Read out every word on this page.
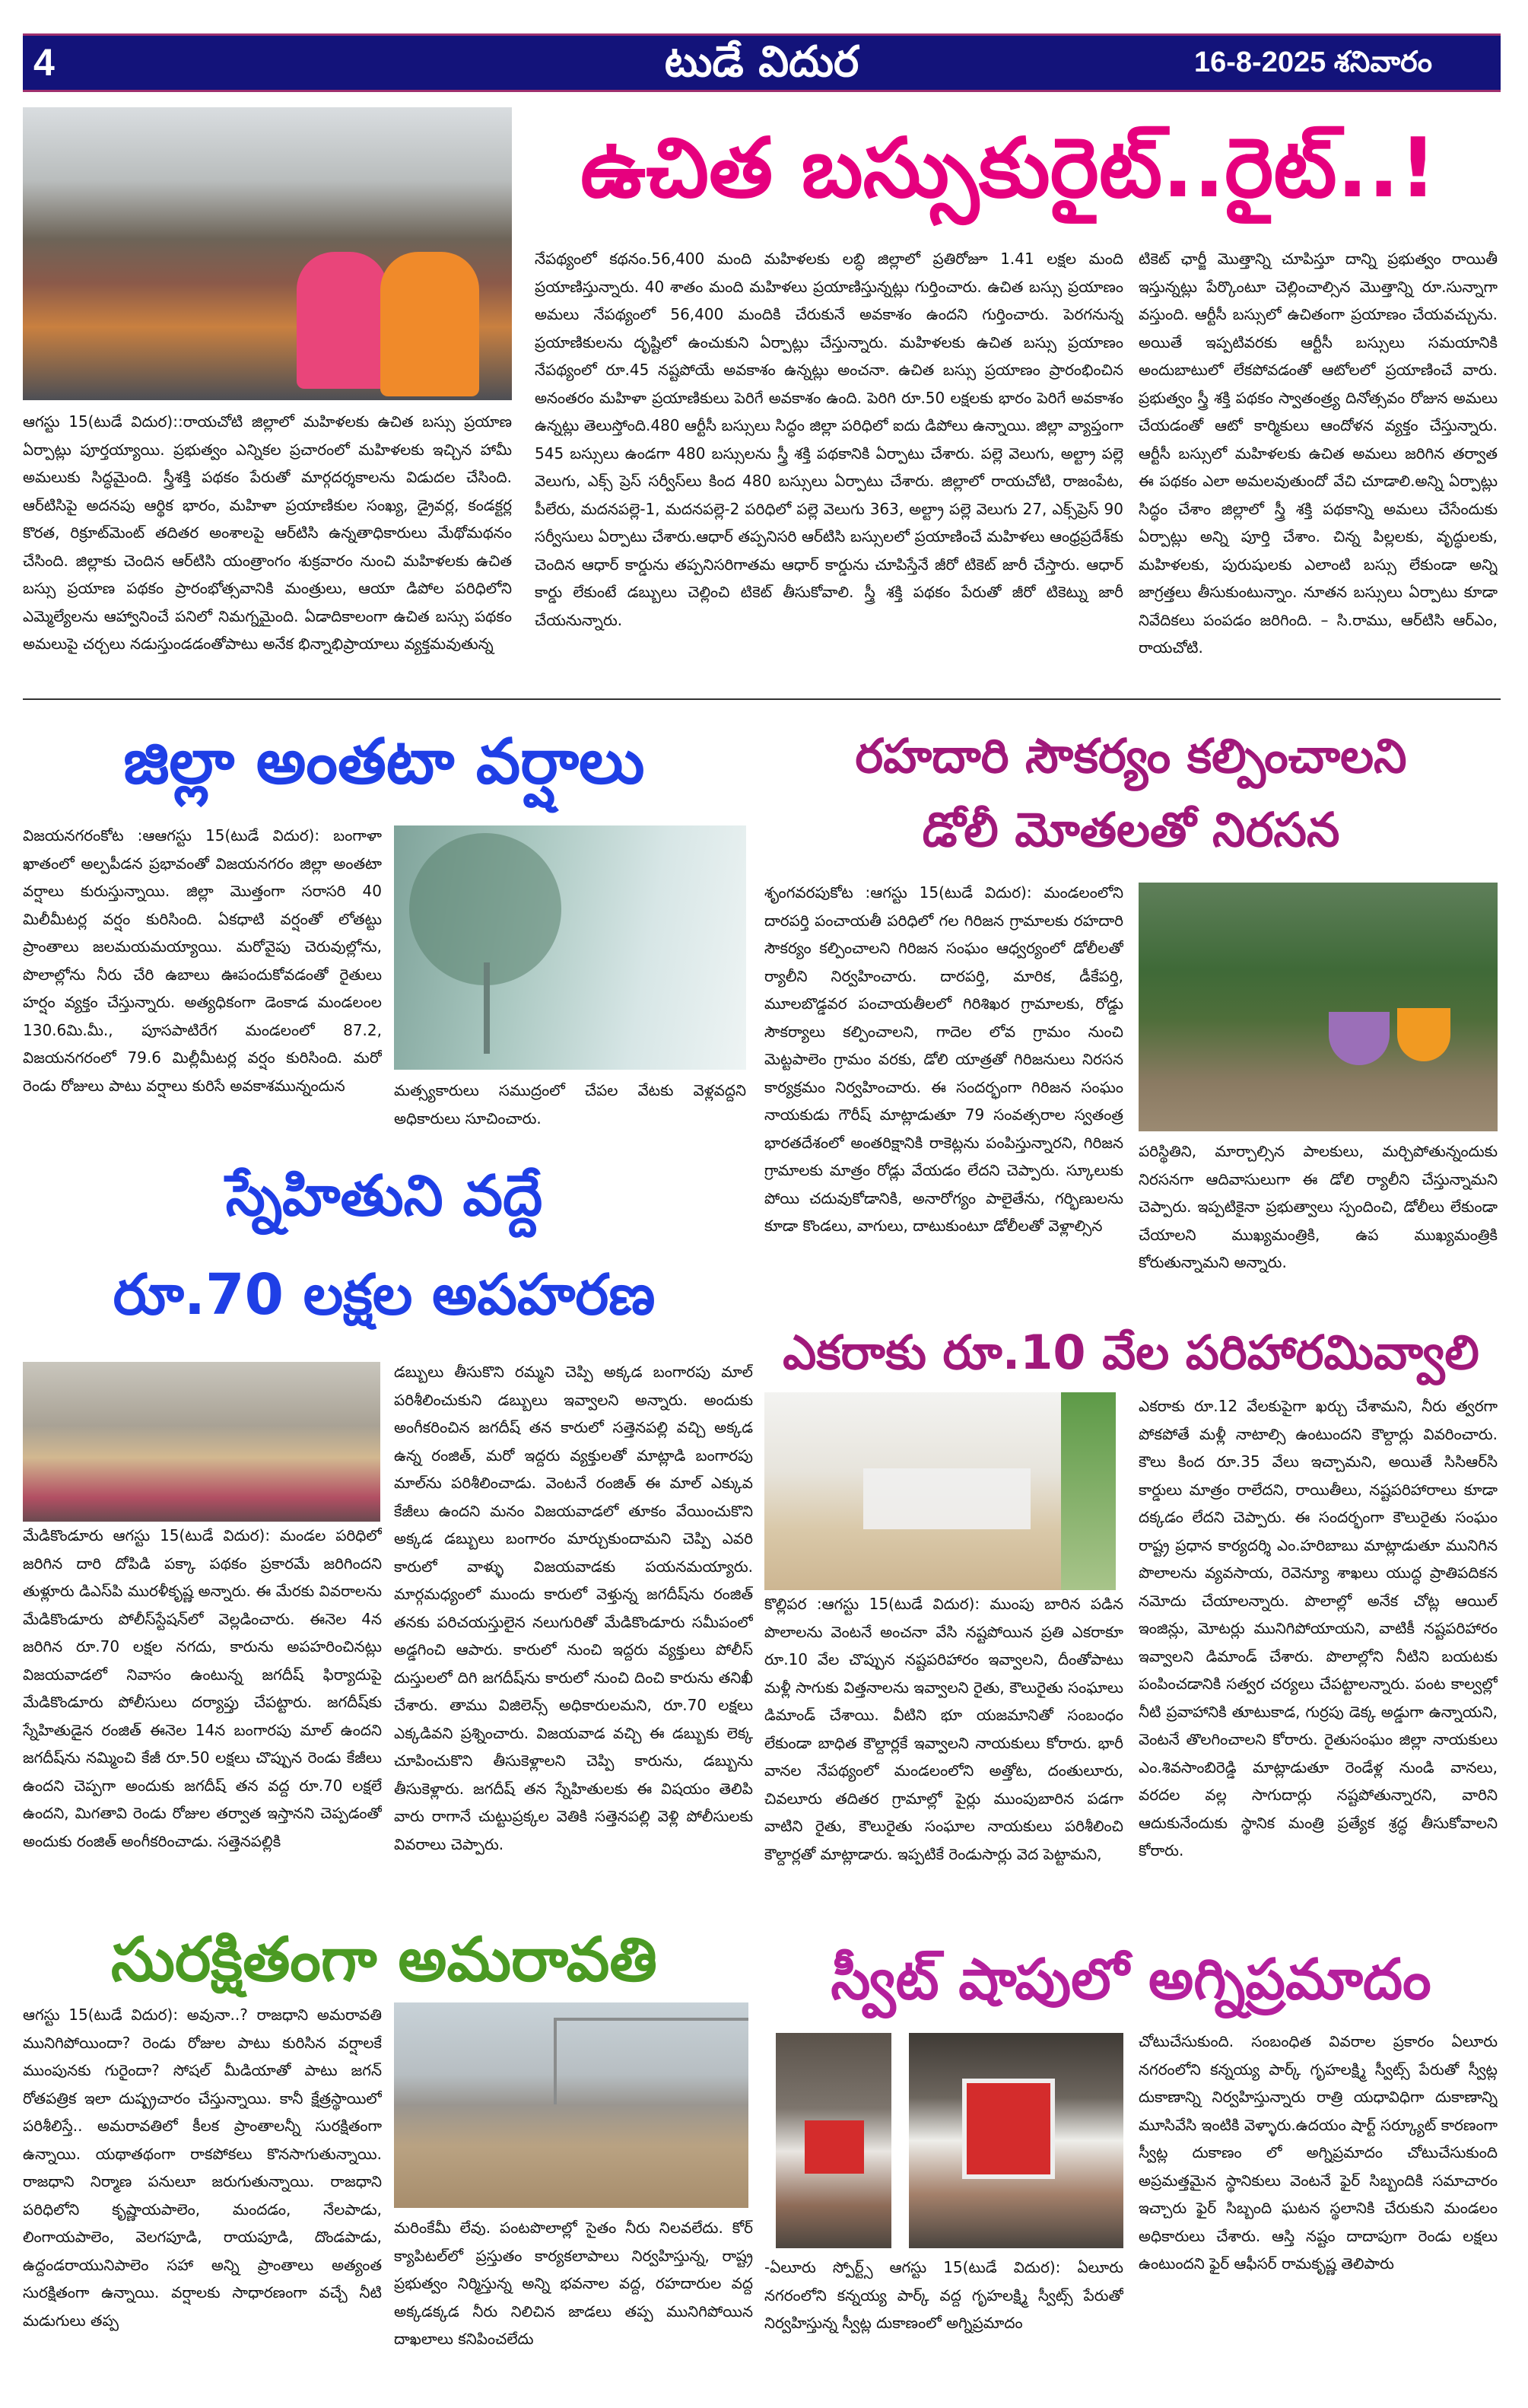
4	టుడే విదుర	16-8-2025 శనివారం
ఉచిత బస్సుకురైట్..రైట్..!
ఆగస్టు 15(టుడే విదుర)::రాయచోటి జిల్లాలో మహిళలకు ఉచిత బస్సు ప్రయాణ ఏర్పాట్లు పూర్తయ్యాయి. ప్రభుత్వం ఎన్నికల ప్రచారంలో మహిళలకు ఇచ్చిన హామీ అమలుకు సిద్ధమైంది. స్త్రీశక్తి పథకం పేరుతో మార్గదర్శకాలను విడుదల చేసింది. ఆర్‌టిసిపై అదనపు ఆర్థిక భారం, మహిళా ప్రయాణికుల సంఖ్య, డ్రైవర్ల, కండక్టర్ల కొరత, రిక్రూట్‌మెంట్ తదితర అంశాలపై ఆర్‌టిసి ఉన్నతాధికారులు మేథోమథనం చేసింది. జిల్లాకు చెందిన ఆర్‌టిసి యంత్రాంగం శుక్రవారం నుంచి మహిళలకు ఉచిత బస్సు ప్రయాణ పథకం ప్రారంభోత్సవానికి మంత్రులు, ఆయా డిపోల పరిధిలోని ఎమ్మెల్యేలను ఆహ్వానించే పనిలో నిమగ్నమైంది. ఏడాదికాలంగా ఉచిత బస్సు పథకం అమలుపై చర్చలు నడుస్తుండడంతోపాటు అనేక భిన్నాభిప్రాయాలు వ్యక్తమవుతున్న
నేపథ్యంలో కథనం.56,400 మంది మహిళలకు లబ్ధి జిల్లాలో ప్రతిరోజూ 1.41 లక్షల మంది ప్రయాణిస్తున్నారు. 40 శాతం మంది మహిళలు ప్రయాణిస్తున్నట్లు గుర్తించారు. ఉచిత బస్సు ప్రయాణం అమలు నేపథ్యంలో 56,400 మందికి చేరుకునే అవకాశం ఉందని గుర్తించారు. పెరగనున్న ప్రయాణికులను దృష్టిలో ఉంచుకుని ఏర్పాట్లు చేస్తున్నారు. మహిళలకు ఉచిత బస్సు ప్రయాణం నేపథ్యంలో రూ.45 నష్టపోయే అవకాశం ఉన్నట్లు అంచనా. ఉచిత బస్సు ప్రయాణం ప్రారంభించిన అనంతరం మహిళా ప్రయాణికులు పెరిగే అవకాశం ఉంది. పెరిగి రూ.50 లక్షలకు భారం పెరిగే అవకాశం ఉన్నట్లు తెలుస్తోంది.480 ఆర్టీసీ బస్సులు సిద్ధం జిల్లా పరిధిలో ఐదు డిపోలు ఉన్నాయి. జిల్లా వ్యాప్తంగా 545 బస్సులు ఉండగా 480 బస్సులను స్త్రీ శక్తి పథకానికి ఏర్పాటు చేశారు. పల్లె వెలుగు, అల్ట్రా పల్లె వెలుగు, ఎక్స్ ప్రెస్ సర్వీస్‌లు కింద 480 బస్సులు ఏర్పాటు చేశారు. జిల్లాలో రాయచోటి, రాజంపేట, పీలేరు, మదనపల్లె-1, మదనపల్లె-2 పరిధిలో పల్లె వెలుగు 363, అల్ట్రా పల్లె వెలుగు 27, ఎక్స్‌ప్రెస్ 90 సర్వీసులు ఏర్పాటు చేశారు.ఆధార్ తప్పనిసరి ఆర్‌టిసి బస్సులలో ప్రయాణించే మహిళలు ఆంధ్రప్రదేశ్‌కు చెందిన ఆధార్ కార్డును తప్పనిసరిగాతమ ఆధార్ కార్డును చూపిస్తేనే జీరో టికెట్ జారీ చేస్తారు. ఆధార్ కార్డు లేకుంటే డబ్బులు చెల్లించి టికెట్ తీసుకోవాలి. స్త్రీ శక్తి పథకం పేరుతో జీరో టికెట్ను జారీ చేయనున్నారు.
టికెట్ ఛార్జీ మొత్తాన్ని చూపిస్తూ దాన్ని ప్రభుత్వం రాయితీ ఇస్తున్నట్లు పేర్కొంటూ చెల్లించాల్సిన మొత్తాన్ని రూ.సున్నాగా వస్తుంది. ఆర్టీసీ బస్సులో ఉచితంగా ప్రయాణం చేయవచ్చును. అయితే ఇప్పటివరకు ఆర్టీసీ బస్సులు సమయానికి అందుబాటులో లేకపోవడంతో ఆటోలలో ప్రయాణించే వారు. ప్రభుత్వం స్త్రీ శక్తి పథకం స్వాతంత్ర్య దినోత్సవం రోజున అమలు చేయడంతో ఆటో కార్మికులు ఆందోళన వ్యక్తం చేస్తున్నారు. ఆర్టీసీ బస్సులో మహిళలకు ఉచిత అమలు జరిగిన తర్వాత ఈ పథకం ఎలా అమలవుతుందో వేచి చూడాలి.అన్ని ఏర్పాట్లు సిద్ధం చేశాం జిల్లాలో స్త్రీ శక్తి పథకాన్ని అమలు చేసేందుకు ఏర్పాట్లు అన్ని పూర్తి చేశాం. చిన్న పిల్లలకు, వృద్ధులకు, మహిళలకు, పురుషులకు ఎలాంటి బస్సు లేకుండా అన్ని జాగ్రత్తలు తీసుకుంటున్నాం. నూతన బస్సులు ఏర్పాటు కూడా నివేదికలు పంపడం జరిగింది. – సి.రాము, ఆర్‌టిసి ఆర్‌ఎం, రాయచోటి.
జిల్లా అంతటా వర్షాలు
విజయనగరంకోట :ఆఆగస్టు 15(టుడే విదుర): బంగాళా ఖాతంలో అల్పపీడన ప్రభావంతో విజయనగరం జిల్లా అంతటా వర్షాలు కురుస్తున్నాయి. జిల్లా మొత్తంగా సరాసరి 40 మిలీమీటర్ల వర్షం కురిసింది. ఏకధాటి వర్షంతో లోతట్టు ప్రాంతాలు జలమయమయ్యాయి. మరోవైపు చెరువుల్లోను, పొలాల్లోను నీరు చేరి ఉబాలు ఊపందుకోవడంతో రైతులు హర్షం వ్యక్తం చేస్తున్నారు. అత్యధికంగా డెంకాడ మండలంల 130.6మి.మీ., పూసపాటిరేగ మండలంలో 87.2, విజయనగరంలో 79.6 మిల్లీమీటర్ల వర్షం కురిసింది. మరో రెండు రోజులు పాటు వర్షాలు కురిసే అవకాశమున్నందున	మత్స్యకారులు సముద్రంలో చేపల వేటకు వెళ్లవద్దని అధికారులు సూచించారు.
రహదారి సౌకర్యం కల్పించాలని
డోలీ మోతలతో నిరసన
శృంగవరపుకోట :ఆగస్టు 15(టుడే విదుర): మండలంలోని దారపర్తి పంచాయతీ పరిధిలో గల గిరిజన గ్రామాలకు రహదారి సౌకర్యం కల్పించాలని గిరిజన సంఘం ఆధ్వర్యంలో డోలీలతో ర్యాలీని నిర్వహించారు. దారపర్తి, మారిక, డీకేపర్తి, మూలబొడ్డవర పంచాయతీలలో గిరిశిఖర గ్రామాలకు, రోడ్డు సౌకర్యాలు కల్పించాలని, గాదెల లోవ గ్రామం నుంచి మెట్టపాలెం గ్రామం వరకు, డోలి యాత్రతో గిరిజనులు నిరసన కార్యక్రమం నిర్వహించారు. ఈ సందర్భంగా గిరిజన సంఘం నాయకుడు గౌరీష్ మాట్లాడుతూ 79 సంవత్సరాల స్వతంత్ర భారతదేశంలో అంతరిక్షానికి రాకెట్లను పంపిస్తున్నారని, గిరిజన గ్రామాలకు మాత్రం రోడ్లు వేయడం లేదని చెప్పారు. స్కూలుకు పోయి చదువుకోడానికి, అనారోగ్యం పాలైతేను, గర్భిణులను కూడా కొండలు, వాగులు, దాటుకుంటూ డోలీలతో వెళ్లాల్సిన
పరిస్థితిని, మార్చాల్సిన పాలకులు, మర్చిపోతున్నందుకు నిరసనగా ఆదివాసులుగా ఈ డోలి ర్యాలీని చేస్తున్నామని చెప్పారు. ఇప్పటికైనా ప్రభుత్వాలు స్పందించి, డోలీలు లేకుండా చేయాలని ముఖ్యమంత్రికి, ఉప ముఖ్యమంత్రికి కోరుతున్నామని అన్నారు.
స్నేహితుని వద్దే
రూ.70 లక్షల అపహరణ
మేడికొండూరు ఆగస్టు 15(టుడే విదుర): మండల పరిధిలో జరిగిన దారి దోపిడి పక్కా పథకం ప్రకారమే జరిగిందని తుళ్లూరు డిఎస్‌పి మురళీకృష్ణ అన్నారు. ఈ మేరకు వివరాలను మేడికొండూరు పోలీస్‌స్టేషన్‌లో వెల్లడించారు. ఈనెల 4న జరిగిన రూ.70 లక్షల నగదు, కారును అపహరించినట్లు విజయవాడలో నివాసం ఉంటున్న జగదీష్ ఫిర్యాదుపై మేడికొండూరు పోలీసులు దర్యాప్తు చేపట్టారు. జగదీష్‌కు స్నేహితుడైన రంజిత్ ఈనెల 14న బంగారపు మాల్ ఉందని జగదీష్‌ను నమ్మించి కేజీ రూ.50 లక్షలు చొప్పున రెండు కేజీలు ఉందని చెప్పగా అందుకు జగదీష్ తన వద్ద రూ.70 లక్షలే ఉందని, మిగతావి రెండు రోజుల తర్వాత ఇస్తానని చెప్పడంతో అందుకు రంజిత్ అంగీకరించాడు. సత్తెనపల్లికి
డబ్బులు తీసుకొని రమ్మని చెప్పి అక్కడ బంగారపు మాల్ పరిశీలించుకుని డబ్బులు ఇవ్వాలని అన్నారు. అందుకు అంగీకరించిన జగదీష్ తన కారులో సత్తెనపల్లి వచ్చి అక్కడ ఉన్న రంజిత్, మరో ఇద్దరు వ్యక్తులతో మాట్లాడి బంగారపు మాల్‌ను పరిశీలించాడు. వెంటనే రంజిత్ ఈ మాల్ ఎక్కువ కేజీలు ఉందని మనం విజయవాడలో తూకం వేయించుకొని అక్కడ డబ్బులు బంగారం మార్చుకుందామని చెప్పి ఎవరి కారులో వాళ్ళు విజయవాడకు పయనమయ్యారు. మార్గమధ్యంలో ముందు కారులో వెళ్తున్న జగదీష్‌ను రంజిత్ తనకు పరిచయస్తులైన నలుగురితో మేడికొండూరు సమీపంలో అడ్డగించి ఆపారు. కారులో నుంచి ఇద్దరు వ్యక్తులు పోలీస్ దుస్తులలో దిగి జగదీష్‌ను కారులో నుంచి దించి కారును తనిఖీ చేశారు. తాము విజిలెన్స్ అధికారులమని, రూ.70 లక్షలు ఎక్కడివని ప్రశ్నించారు. విజయవాడ వచ్చి ఈ డబ్బుకు లెక్క చూపించుకొని తీసుకెళ్లాలని చెప్పి కారును, డబ్బును తీసుకెళ్లారు. జగదీష్ తన స్నేహితులకు ఈ విషయం తెలిపి వారు రాగానే చుట్టుప్రక్కల వెతికి సత్తెనపల్లి వెళ్లి పోలీసులకు వివరాలు చెప్పారు.
ఎకరాకు రూ.10 వేల పరిహారమివ్వాలి
కొల్లిపర :ఆగస్టు 15(టుడే విదుర): ముంపు బారిన పడిన పొలాలను వెంటనే అంచనా వేసి నష్టపోయిన ప్రతి ఎకరాకూ రూ.10 వేల చొప్పున నష్టపరిహారం ఇవ్వాలని, దీంతోపాటు మళ్లీ సాగుకు విత్తనాలను ఇవ్వాలని రైతు, కౌలురైతు సంఘాలు డిమాండ్ చేశాయి. వీటిని భూ యజమానితో సంబంధం లేకుండా బాధిత కౌల్దార్లకే ఇవ్వాలని నాయకులు కోరారు. భారీ వానల నేపథ్యంలో మండలంలోని అత్తోట, దంతులూరు, చివలూరు తదితర గ్రామాల్లో పైర్లు ముంపుబారిన పడగా వాటిని రైతు, కౌలురైతు సంఘాల నాయకులు పరిశీలించి కౌల్దార్లతో మాట్లాడారు. ఇప్పటికే రెండుసార్లు వెద పెట్టామని,
ఎకరాకు రూ.12 వేలకుపైగా ఖర్చు చేశామని, నీరు త్వరగా పోకపోతే మళ్లీ నాటాల్సి ఉంటుందని కౌల్దార్లు వివరించారు. కౌలు కింద రూ.35 వేలు ఇచ్చామని, అయితే సిసిఆర్‌సి కార్డులు మాత్రం రాలేదని, రాయితీలు, నష్టపరిహారాలు కూడా దక్కడం లేదని చెప్పారు. ఈ సందర్భంగా కౌలురైతు సంఘం రాష్ట్ర ప్రధాన కార్యదర్శి ఎం.హరిబాబు మాట్లాడుతూ మునిగిన పొలాలను వ్యవసాయ, రెవెన్యూ శాఖలు యుద్ధ ప్రాతిపదికన నమోదు చేయాలన్నారు. పొలాల్లో అనేక చోట్ల ఆయిల్ ఇంజిన్లు, మోటర్లు మునిగిపోయాయని, వాటికీ నష్టపరిహారం ఇవ్వాలని డిమాండ్ చేశారు. పొలాల్లోని నీటిని బయటకు పంపించడానికి సత్వర చర్యలు చేపట్టాలన్నారు. పంట కాల్వల్లో నీటి ప్రవాహానికి తూటుకాడ, గుర్రపు డెక్క అడ్డుగా ఉన్నాయని, వెంటనే తొలగించాలని కోరారు. రైతుసంఘం జిల్లా నాయకులు ఎం.శివసాంబిరెడ్డి మాట్లాడుతూ రెండేళ్ల నుండి వానలు, వరదల వల్ల సాగుదార్లు నష్టపోతున్నారని, వారిని ఆదుకునేందుకు స్థానిక మంత్రి ప్రత్యేక శ్రద్ధ తీసుకోవాలని కోరారు.
సురక్షితంగా అమరావతి
ఆగస్టు 15(టుడే విదుర): అవునా..? రాజధాని అమరావతి మునిగిపోయిందా? రెండు రోజుల పాటు కురిసిన వర్షాలకే ముంపునకు గురైందా? సోషల్ మీడియాతో పాటు జగన్ రోతపత్రిక ఇలా దుష్ప్రచారం చేస్తున్నాయి. కానీ క్షేత్రస్థాయిలో పరిశీలిస్తే.. అమరావతిలో కీలక ప్రాంతాలన్నీ సురక్షితంగా ఉన్నాయి. యథాతథంగా రాకపోకలు కొనసాగుతున్నాయి. రాజధాని నిర్మాణ పనులూ జరుగుతున్నాయి. రాజధాని పరిధిలోని కృష్ణాయపాలెం, మందడం, నేలపాడు, లింగాయపాలెం, వెలగపూడి, రాయపూడి, దొండపాడు, ఉద్దండరాయునిపాలెం సహా అన్ని ప్రాంతాలు అత్యంత సురక్షితంగా ఉన్నాయి. వర్షాలకు సాధారణంగా వచ్చే నీటి మడుగులు తప్ప
మరింకేమీ లేవు. పంటపొలాల్లో సైతం నీరు నిలవలేదు. కోర్ క్యాపిటల్‌లో ప్రస్తుతం కార్యకలాపాలు నిర్వహిస్తున్న, రాష్ట్ర ప్రభుత్వం నిర్మిస్తున్న అన్ని భవనాల వద్ద, రహదారుల వద్ద అక్కడక్కడ నీరు నిలిచిన జాడలు తప్ప మునిగిపోయిన దాఖలాలు కనిపించలేదు
స్వీట్ షాపులో అగ్నిప్రమాదం
-ఏలూరు స్పోర్ట్స్ ఆగస్టు 15(టుడే విదుర): ఏలూరు నగరంలోని కన్నయ్య పార్క్ వద్ద గృహలక్ష్మి స్వీట్స్ పేరుతో నిర్వహిస్తున్న స్వీట్ల దుకాణంలో అగ్నిప్రమాదం
చోటుచేసుకుంది. సంబంధిత వివరాల ప్రకారం ఏలూరు నగరంలోని కన్నయ్య పార్క్ గృహలక్ష్మి స్వీట్స్ పేరుతో స్వీట్ల దుకాణాన్ని నిర్వహిస్తున్నారు రాత్రి యధావిధిగా దుకాణాన్ని మూసివేసి ఇంటికి వెళ్ళారు.ఉదయం షార్ట్ సర్క్యూట్ కారణంగా స్వీట్ల దుకాణం లో అగ్నిప్రమాదం చోటుచేసుకుంది అప్రమత్తమైన స్థానికులు వెంటనే ఫైర్ సిబ్బందికి సమాచారం ఇచ్చారు ఫైర్ సిబ్బంది ఘటన స్థలానికి చేరుకుని మండలం అధికారులు చేశారు. ఆస్తి నష్టం దాదాపుగా రెండు లక్షలు ఉంటుందని ఫైర్ ఆఫీసర్ రామకృష్ణ తెలిపారు
